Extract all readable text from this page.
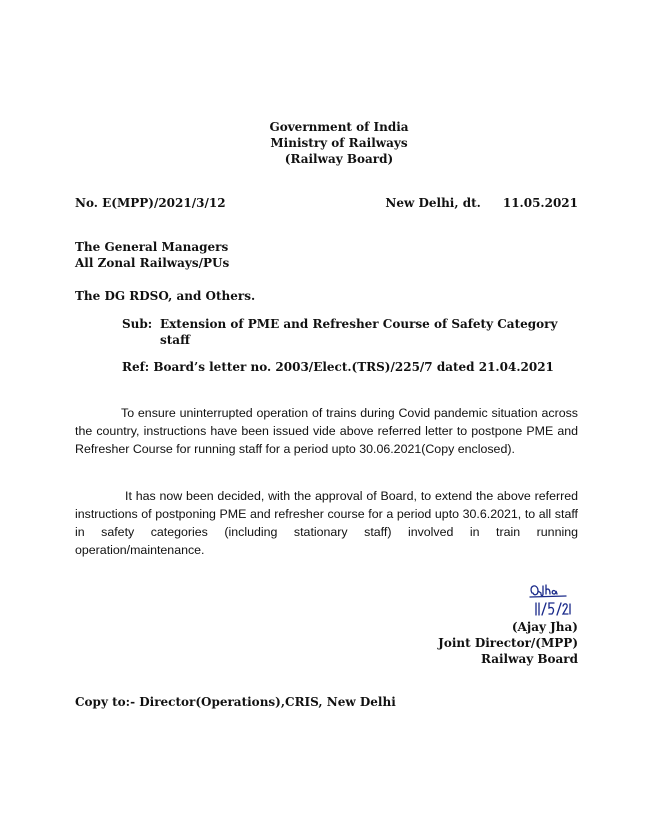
Government of India
Ministry of Railways
(Railway Board)
No. E(MPP)/2021/3/12	New Delhi, dt. 11.05.2021
The General Managers
All Zonal Railways/PUs
The DG RDSO, and Others.
Sub: Extension of PME and Refresher Course of Safety Category staff
Ref: Board’s letter no. 2003/Elect.(TRS)/225/7 dated 21.04.2021
To ensure uninterrupted operation of trains during Covid pandemic situation across the country, instructions have been issued vide above referred letter to postpone PME and Refresher Course for running staff for a period upto 30.06.2021(Copy enclosed).
It has now been decided, with the approval of Board, to extend the above referred instructions of postponing PME and refresher course for a period upto 30.6.2021, to all staff in safety categories (including stationary staff) involved in train running operation/maintenance.
(Ajay Jha)
Joint Director/(MPP)
Railway Board
Copy to:- Director(Operations),CRIS, New Delhi
